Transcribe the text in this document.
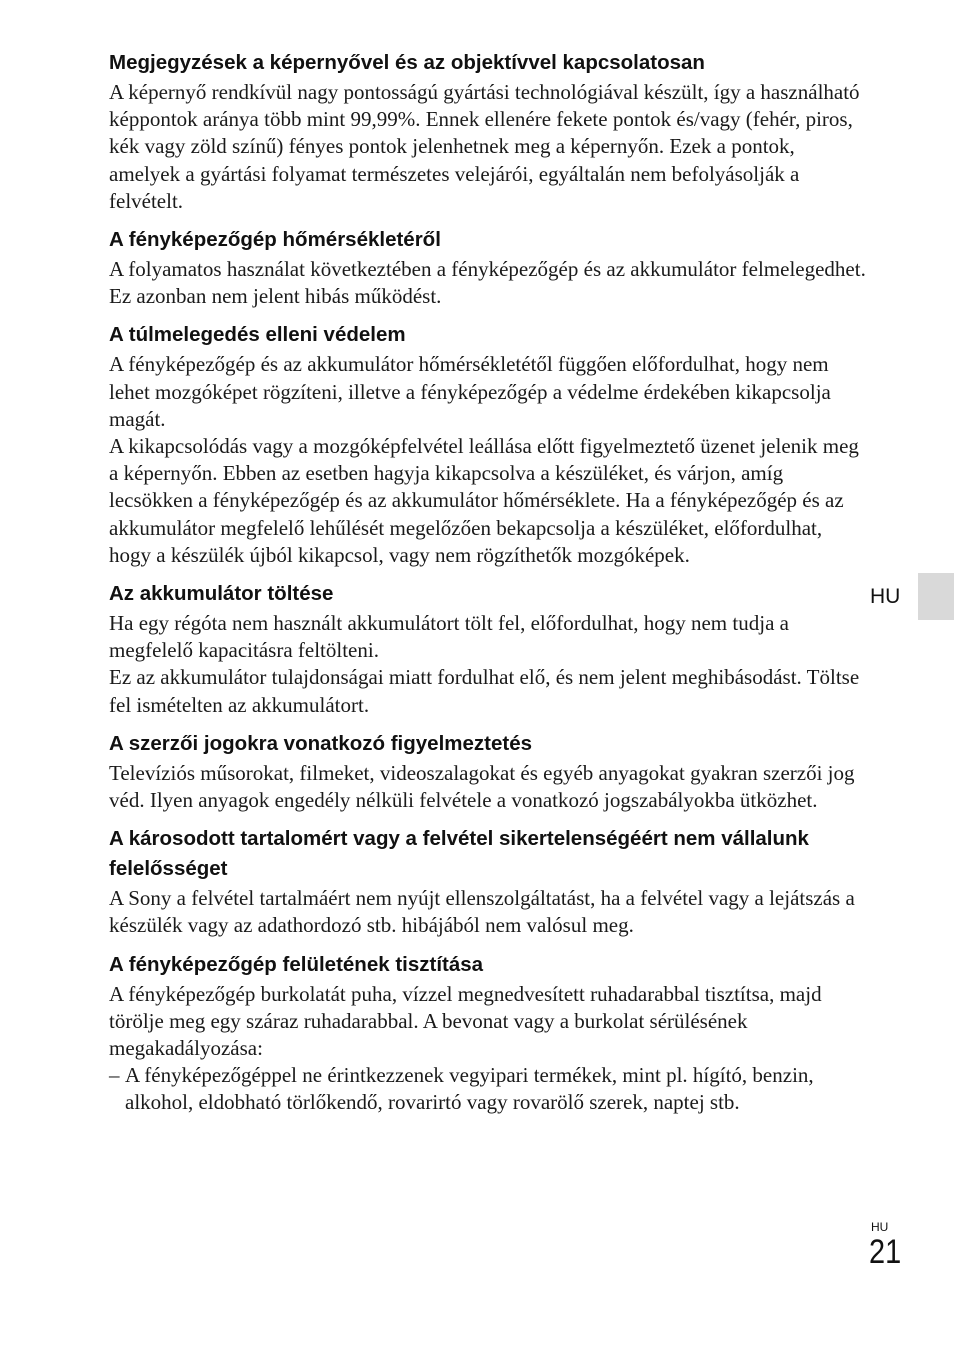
Megjegyzések a képernyővel és az objektívvel kapcsolatosan

A képernyő rendkívül nagy pontosságú gyártási technológiával készült, így a használható képpontok aránya több mint 99,99%. Ennek ellenére fekete pontok és/vagy (fehér, piros, kék vagy zöld színű) fényes pontok jelenhetnek meg a képernyőn. Ezek a pontok, amelyek a gyártási folyamat természetes velejárói, egyáltalán nem befolyásolják a felvételt.

A fényképezőgép hőmérsékletéről

A folyamatos használat következtében a fényképezőgép és az akkumulátor felmelegedhet. Ez azonban nem jelent hibás működést.

A túlmelegedés elleni védelem

A fényképezőgép és az akkumulátor hőmérsékletétől függően előfordulhat, hogy nem lehet mozgóképet rögzíteni, illetve a fényképezőgép a védelme érdekében kikapcsolja magát.

A kikapcsolódás vagy a mozgóképfelvétel leállása előtt figyelmeztető üzenet jelenik meg a képernyőn. Ebben az esetben hagyja kikapcsolva a készüléket, és várjon, amíg lecsökken a fényképezőgép és az akkumulátor hőmérséklete. Ha a fényképezőgép és az akkumulátor megfelelő lehűlését megelőzően bekapcsolja a készüléket, előfordulhat, hogy a készülék újból kikapcsol, vagy nem rögzíthetők mozgóképek.

Az akkumulátor töltése

Ha egy régóta nem használt akkumulátort tölt fel, előfordulhat, hogy nem tudja a megfelelő kapacitásra feltölteni.

Ez az akkumulátor tulajdonságai miatt fordulhat elő, és nem jelent meghibásodást. Töltse fel ismételten az akkumulátort.

A szerzői jogokra vonatkozó figyelmeztetés

Televíziós műsorokat, filmeket, videoszalagokat és egyéb anyagokat gyakran szerzői jog véd. Ilyen anyagok engedély nélküli felvétele a vonatkozó jogszabályokba ütközhet.

A károsodott tartalomért vagy a felvétel sikertelenségéért nem vállalunk felelősséget

A Sony a felvétel tartalmáért nem nyújt ellenszolgáltatást, ha a felvétel vagy a lejátszás a készülék vagy az adathordozó stb. hibájából nem valósul meg.

A fényképezőgép felületének tisztítása

A fényképezőgép burkolatát puha, vízzel megnedvesített ruhadarabbal tisztítsa, majd törölje meg egy száraz ruhadarabbal. A bevonat vagy a burkolat sérülésének megakadályozása:

– A fényképezőgéppel ne érintkezzenek vegyipari termékek, mint pl. hígító, benzin, alkohol, eldobható törlőkendő, rovarirtó vagy rovarölő szerek, naptej stb.
HU
HU
21
